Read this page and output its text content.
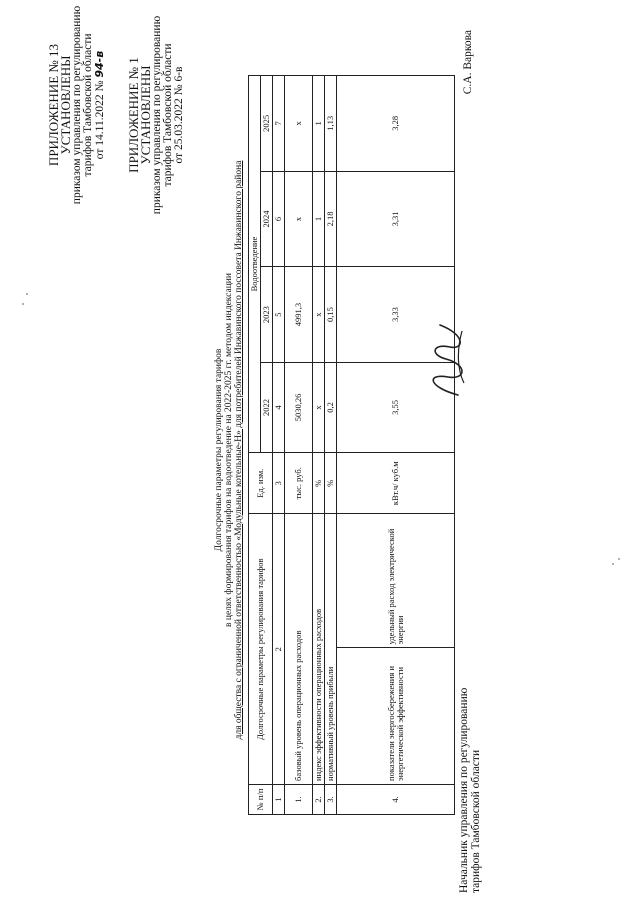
ПРИЛОЖЕНИЕ № 13
УСТАНОВЛЕНЫ
приказом управления по регулированию тарифов Тамбовской области от 14.11.2022 № 94-в ПРИЛОЖЕНИЕ № 1
УСТАНОВЛЕНЫ
приказом управления по регулированию тарифов Тамбовской области от 25.03.2022 № 6-в
Долгосрочные параметры регулирования тарифов в целях формирования тарифов на водоотведение на 2022-2025 гг. методом индексации для общества с ограниченной ответственностью «Модульные котельные-Н» для потребителей Инжавинского поссовета Инжавинского района
№ п/п	Долгосрочные параметры регулирования тарифов		Ед. изм.	Водоотведение			
				2022	2023	2024	2025
1	2		3	4	5	6	7
1.	базовый уровень операционных расходов		тыс. руб.	5030,26	4991,3	х	х
2.	индекс эффективности операционных расходов		%	х	х	1	1
3.	нормативный уровень прибыли		%	0,2	0,15	2,18	1,13
4.	показатели энергосбережения и энергетической эффективности	удельный расход электрической энергии	кВт.ч/ куб.м	3,55	3,33	3,31	3,28
Начальник управления по регулированию тарифов Тамбовской области
С.А. Варкова
